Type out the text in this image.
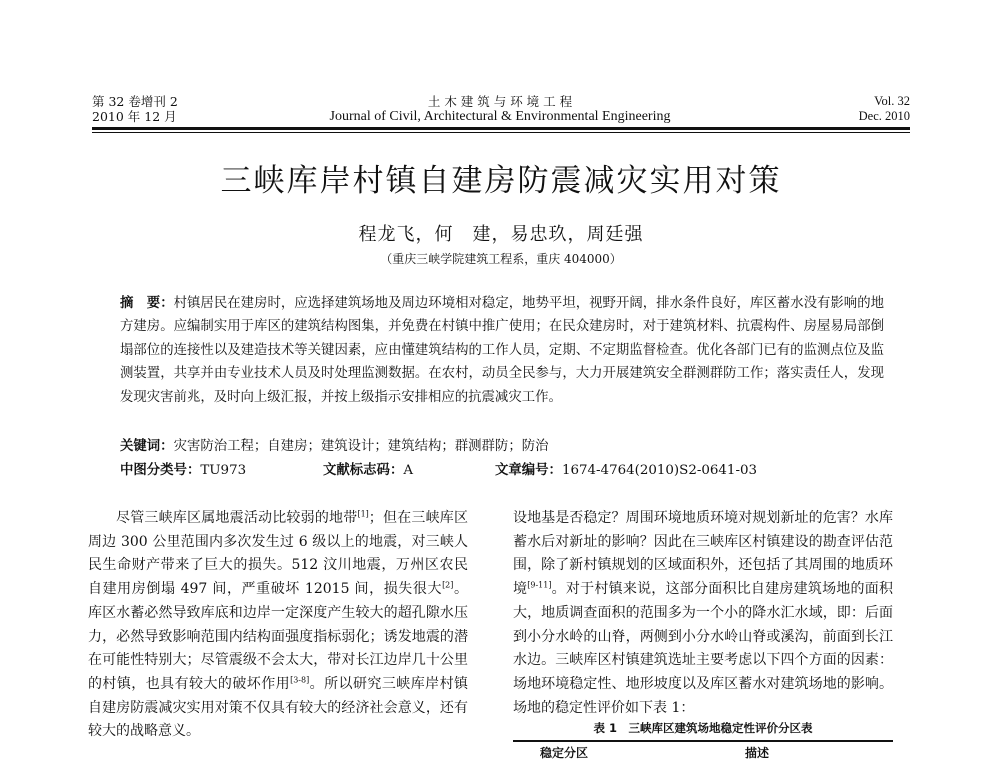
第 32 卷增刊 2
2010 年 12 月
土 木 建 筑 与 环 境 工 程
Journal of Civil, Architectural & Environmental Engineering
Vol. 32
Dec. 2010
三峡库岸村镇自建房防震减灾实用对策
程龙飞，何　建，易忠玖，周廷强
（重庆三峡学院建筑工程系，重庆 404000）
摘　要：村镇居民在建房时，应选择建筑场地及周边环境相对稳定，地势平坦，视野开阔，排水条件良好，库区蓄水没有影响的地方建房。应编制实用于库区的建筑结构图集，并免费在村镇中推广使用；在民众建房时，对于建筑材料、抗震构件、房屋易局部倒塌部位的连接性以及建造技术等关键因素，应由懂建筑结构的工作人员，定期、不定期监督检查。优化各部门已有的监测点位及监测装置，共享并由专业技术人员及时处理监测数据。在农村，动员全民参与，大力开展建筑安全群测群防工作；落实责任人，发现发现灾害前兆，及时向上级汇报，并按上级指示安排相应的抗震减灾工作。
关键词：灾害防治工程；自建房；建筑设计；建筑结构；群测群防；防治
中图分类号：TU973	文献标志码：A	文章编号：1674-4764(2010)S2-0641-03
尽管三峡库区属地震活动比较弱的地带[1]；但在三峡库区周边 300 公里范围内多次发生过 6 级以上的地震，对三峡人民生命财产带来了巨大的损失。512 汶川地震，万州区农民自建用房倒塌 497 间，严重破坏 12015 间，损失很大[2]。库区水蓄必然导致库底和边岸一定深度产生较大的超孔隙水压力，必然导致影响范围内结构面强度指标弱化；诱发地震的潜在可能性特别大；尽管震级不会太大，带对长江边岸几十公里的村镇，也具有较大的破坏作用[3-8]。所以研究三峡库岸村镇自建房防震减灾实用对策不仅具有较大的经济社会意义，还有较大的战略意义。
设地基是否稳定？周围环境地质环境对规划新址的危害？水库蓄水后对新址的影响？因此在三峡库区村镇建设的勘查评估范围，除了新村镇规划的区域面积外，还包括了其周围的地质环境[9-11]。对于村镇来说，这部分面积比自建房建筑场地的面积大，地质调查面积的范围多为一个小的降水汇水域，即：后面到小分水岭的山脊，两侧到小分水岭山脊或溪沟，前面到长江水边。三峡库区村镇建筑选址主要考虑以下四个方面的因素：场地环境稳定性、地形坡度以及库区蓄水对建筑场地的影响。场地的稳定性评价如下表 1：
表 1　三峡库区建筑场地稳定性评价分区表
稳定分区	描述
